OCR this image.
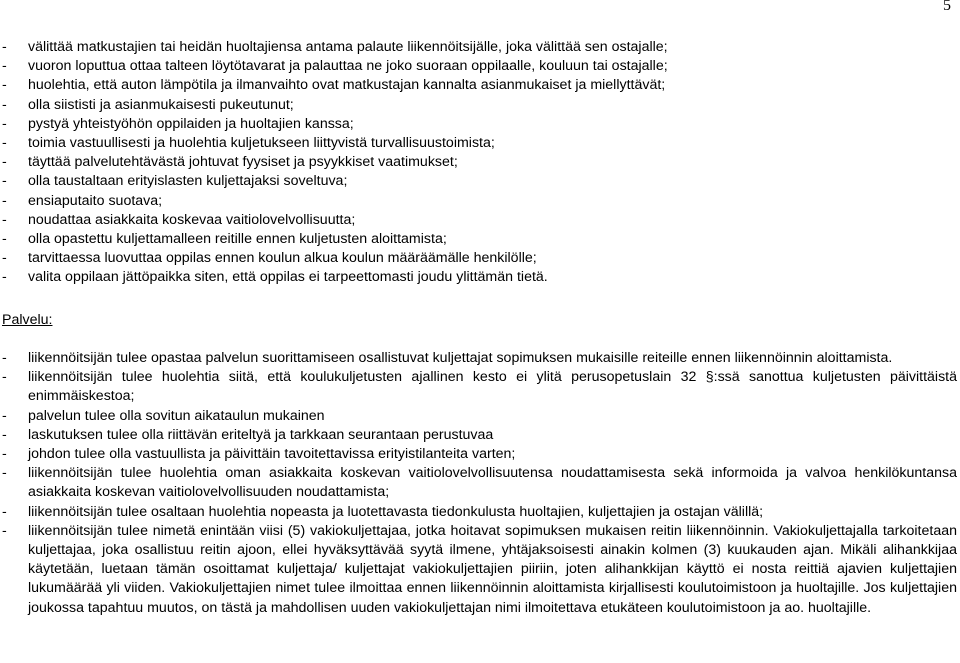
5
-	välittää matkustajien tai heidän huoltajiensa antama palaute liikennöitsijälle, joka välittää sen ostajalle;
-	vuoron loputtua ottaa talteen löytötavarat ja palauttaa ne joko suoraan oppilaalle, kouluun tai ostajalle;
-	huolehtia, että auton lämpötila ja ilmanvaihto ovat matkustajan kannalta asianmukaiset ja miellyttävät;
-	olla siististi ja asianmukaisesti pukeutunut;
-	pystyä yhteistyöhön oppilaiden ja huoltajien kanssa;
-	toimia vastuullisesti ja huolehtia kuljetukseen liittyvistä turvallisuustoimista;
-	täyttää palvelutehtävästä johtuvat fyysiset ja psyykkiset vaatimukset;
-	olla taustaltaan erityislasten kuljettajaksi soveltuva;
-	ensiaputaito suotava;
-	noudattaa asiakkaita koskevaa vaitiolovelvollisuutta;
-	olla opastettu kuljettamalleen reitille ennen kuljetusten aloittamista;
-	tarvittaessa luovuttaa oppilas ennen koulun alkua koulun määräämälle henkilölle;
-	valita oppilaan jättöpaikka siten, että oppilas ei tarpeettomasti joudu ylittämän tietä.
Palvelu:
-	liikennöitsijän tulee opastaa palvelun suorittamiseen osallistuvat kuljettajat sopimuksen mukaisille reiteille ennen liikennöinnin aloittamista.
-	liikennöitsijän tulee huolehtia siitä, että koulukuljetusten ajallinen kesto ei ylitä perusopetuslain 32 §:ssä sanottua kuljetusten päivittäistä enimmäiskestoa;
-	palvelun tulee olla sovitun aikataulun mukainen
-	laskutuksen tulee olla riittävän eriteltyä ja tarkkaan seurantaan perustuvaa
-	johdon tulee olla vastuullista ja päivittäin tavoitettavissa erityistilanteita varten;
-	liikennöitsijän tulee huolehtia oman asiakkaita koskevan vaitiolovelvollisuutensa noudattamisesta sekä informoida ja valvoa henkilökuntansa asiakkaita koskevan vaitiolovelvollisuuden noudattamista;
-	liikennöitsijän tulee osaltaan huolehtia nopeasta ja luotettavasta tiedonkulusta huoltajien, kuljettajien ja ostajan välillä;
-	liikennöitsijän tulee nimetä enintään viisi (5) vakiokuljettajaa, jotka hoitavat sopimuksen mukaisen reitin liikennöinnin. Vakiokuljettajalla tarkoitetaan kuljettajaa, joka osallistuu reitin ajoon, ellei hyväksyttävää syytä ilmene, yhtäjaksoisesti ainakin kolmen (3) kuukauden ajan. Mikäli alihankkijaa käytetään, luetaan tämän osoittamat kuljettaja/ kuljettajat vakiokuljettajien piiriin, joten alihankkijan käyttö ei nosta reittiä ajavien kuljettajien lukumäärää yli viiden. Vakiokuljettajien nimet tulee ilmoittaa ennen liikennöinnin aloittamista kirjallisesti koulutoimistoon ja huoltajille. Jos kuljettajien joukossa tapahtuu muutos, on tästä ja mahdollisen uuden vakiokuljettajan nimi ilmoitettava etukäteen koulutoimistoon ja ao. huoltajille.
